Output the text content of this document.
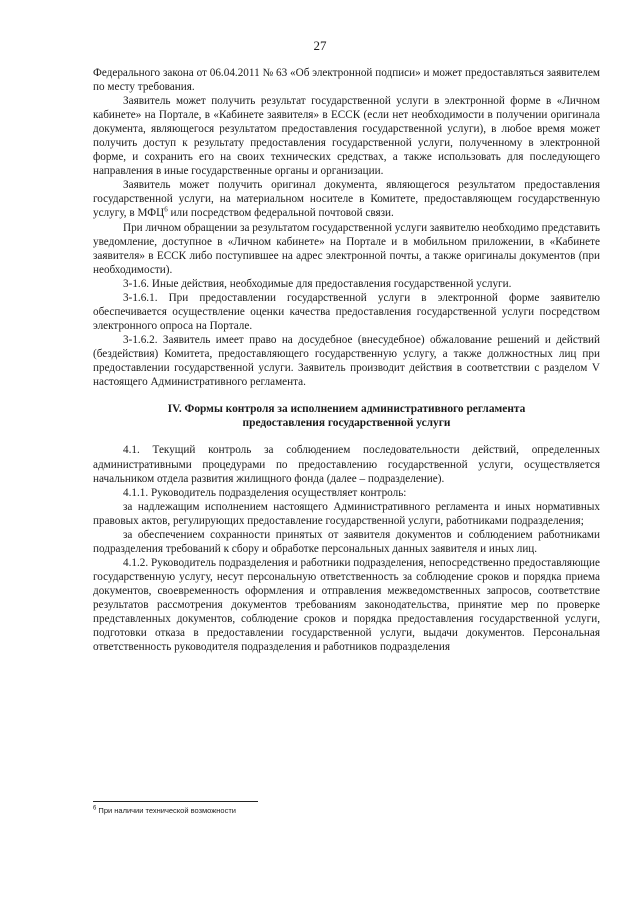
27

Федерального закона от 06.04.2011 № 63 «Об электронной подписи» и может предоставляться заявителем по месту требования.

Заявитель может получить результат государственной услуги в электронной форме в «Личном кабинете» на Портале, в «Кабинете заявителя» в ЕССК (если нет необходимости в получении оригинала документа, являющегося результатом предоставления государственной услуги), в любое время может получить доступ к результату предоставления государственной услуги, полученному в электронной форме, и сохранить его на своих технических средствах, а также использовать для последующего направления в иные государственные органы и организации.

Заявитель может получить оригинал документа, являющегося результатом предоставления государственной услуги, на материальном носителе в Комитете, предоставляющем государственную услугу, в МФЦ$^6$ или посредством федеральной почтовой связи.

При личном обращении за результатом государственной услуги заявителю необходимо представить уведомление, доступное в «Личном кабинете» на Портале и в мобильном приложении, в «Кабинете заявителя» в ЕССК либо поступившее на адрес электронной почты, а также оригиналы документов (при необходимости).

3-1.6. Иные действия, необходимые для предоставления государственной услуги.

3-1.6.1. При предоставлении государственной услуги в электронной форме заявителю обеспечивается осуществление оценки качества предоставления государственной услуги посредством электронного опроса на Портале.

3-1.6.2. Заявитель имеет право на досудебное (внесудебное) обжалование решений и действий (бездействия) Комитета, предоставляющего государственную услугу, а также должностных лиц при предоставлении государственной услуги. Заявитель производит действия в соответствии с разделом V настоящего Административного регламента.

IV. Формы контроля за исполнением административного регламента
предоставления государственной услуги

4.1. Текущий контроль за соблюдением последовательности действий, определенных административными процедурами по предоставлению государственной услуги, осуществляется начальником отдела развития жилищного фонда (далее – подразделение).

4.1.1. Руководитель подразделения осуществляет контроль:

за надлежащим исполнением настоящего Административного регламента и иных нормативных правовых актов, регулирующих предоставление государственной услуги, работниками подразделения;

за обеспечением сохранности принятых от заявителя документов и соблюдением работниками подразделения требований к сбору и обработке персональных данных заявителя и иных лиц.

4.1.2. Руководитель подразделения и работники подразделения, непосредственно предоставляющие государственную услугу, несут персональную ответственность за соблюдение сроков и порядка приема документов, своевременность оформления и отправления межведомственных запросов, соответствие результатов рассмотрения документов требованиям законодательства, принятие мер по проверке представленных документов, соблюдение сроков и порядка предоставления государственной услуги, подготовки отказа в предоставлении государственной услуги, выдачи документов. Персональная ответственность руководителя подразделения и работников подразделения

$^6$ При наличии технической возможности
